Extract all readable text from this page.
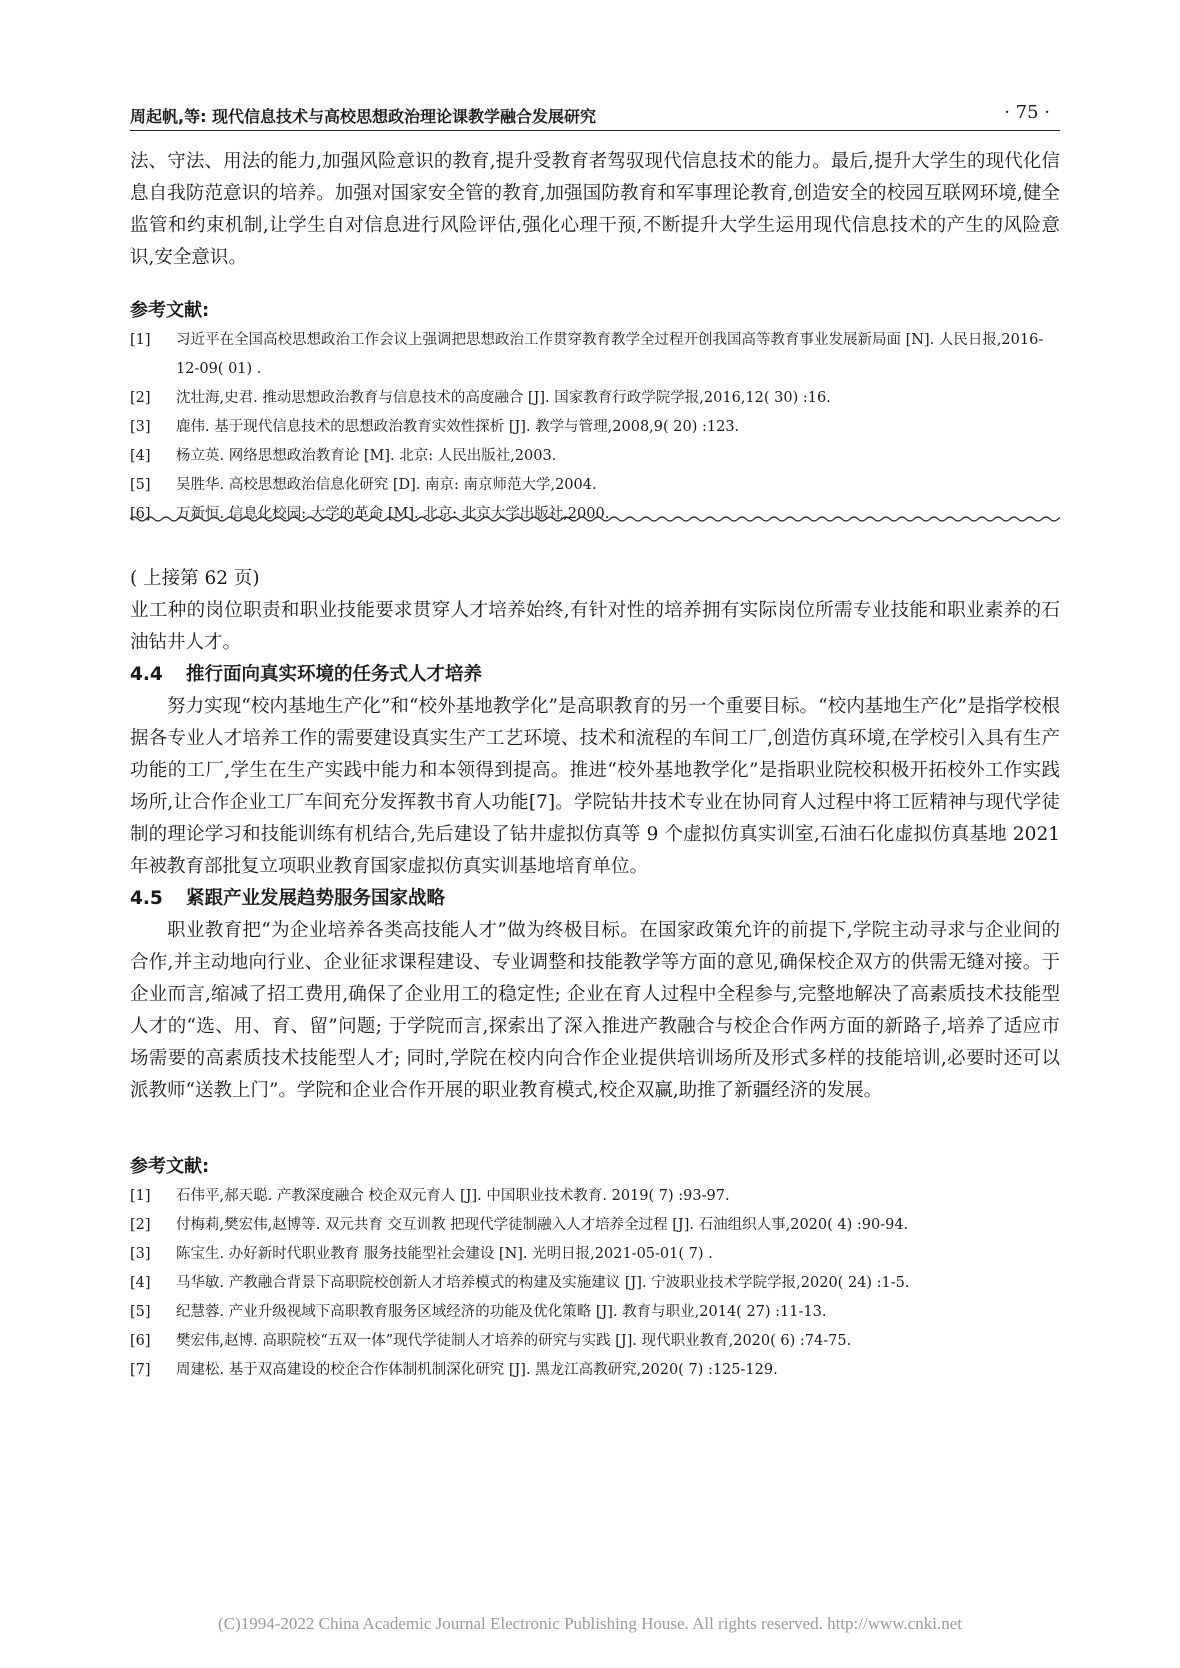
周起帆,等: 现代信息技术与高校思想政治理论课教学融合发展研究	· 75 ·

法、守法、用法的能力,加强风险意识的教育,提升受教育者驾驭现代信息技术的能力。最后,提升大学生的现代化信息自我防范意识的培养。加强对国家安全管的教育,加强国防教育和军事理论教育,创造安全的校园互联网环境,健全监管和约束机制,让学生自对信息进行风险评估,强化心理干预,不断提升大学生运用现代信息技术的产生的风险意识,安全意识。

参考文献:
[1]	习近平在全国高校思想政治工作会议上强调把思想政治工作贯穿教育教学全过程开创我国高等教育事业发展新局面 [N]. 人民日报,2016-12-09( 01) .
[2]	沈壮海,史君. 推动思想政治教育与信息技术的高度融合 [J]. 国家教育行政学院学报,2016,12( 30) :16.
[3]	鹿伟. 基于现代信息技术的思想政治教育实效性探析 [J]. 教学与管理,2008,9( 20) :123.
[4]	杨立英. 网络思想政治教育论 [M]. 北京: 人民出版社,2003.
[5]	吴胜华. 高校思想政治信息化研究 [D]. 南京: 南京师范大学,2004.
[6]	万新恒. 信息化校园: 大学的革命 [M]. 北京: 北京大学出版社,2000.

( 上接第 62 页)

业工种的岗位职责和职业技能要求贯穿人才培养始终,有针对性的培养拥有实际岗位所需专业技能和职业素养的石油钻井人才。

4.4 推行面向真实环境的任务式人才培养

努力实现“校内基地生产化”和“校外基地教学化”是高职教育的另一个重要目标。“校内基地生产化”是指学校根据各专业人才培养工作的需要建设真实生产工艺环境、技术和流程的车间工厂,创造仿真环境,在学校引入具有生产功能的工厂,学生在生产实践中能力和本领得到提高。推进“校外基地教学化”是指职业院校积极开拓校外工作实践场所,让合作企业工厂车间充分发挥教书育人功能[7]。学院钻井技术专业在协同育人过程中将工匠精神与现代学徒制的理论学习和技能训练有机结合,先后建设了钻井虚拟仿真等 9 个虚拟仿真实训室,石油石化虚拟仿真基地 2021 年被教育部批复立项职业教育国家虚拟仿真实训基地培育单位。

4.5 紧跟产业发展趋势服务国家战略

职业教育把“为企业培养各类高技能人才”做为终极目标。在国家政策允许的前提下,学院主动寻求与企业间的合作,并主动地向行业、企业征求课程建设、专业调整和技能教学等方面的意见,确保校企双方的供需无缝对接。于企业而言,缩减了招工费用,确保了企业用工的稳定性; 企业在育人过程中全程参与,完整地解决了高素质技术技能型人才的“选、用、育、留”问题; 于学院而言,探索出了深入推进产教融合与校企合作两方面的新路子,培养了适应市场需要的高素质技术技能型人才; 同时,学院在校内向合作企业提供培训场所及形式多样的技能培训,必要时还可以派教师“送教上门”。学院和企业合作开展的职业教育模式,校企双赢,助推了新疆经济的发展。

参考文献:
[1]	石伟平,郝天聪. 产教深度融合 校企双元育人 [J]. 中国职业技术教育. 2019( 7) :93-97.
[2]	付梅莉,樊宏伟,赵博等. 双元共育 交互训教 把现代学徒制融入人才培养全过程 [J]. 石油组织人事,2020( 4) :90-94.
[3]	陈宝生. 办好新时代职业教育 服务技能型社会建设 [N]. 光明日报,2021-05-01( 7) .
[4]	马华敏. 产教融合背景下高职院校创新人才培养模式的构建及实施建议 [J]. 宁波职业技术学院学报,2020( 24) :1-5.
[5]	纪慧蓉. 产业升级视域下高职教育服务区域经济的功能及优化策略 [J]. 教育与职业,2014( 27) :11-13.
[6]	樊宏伟,赵博. 高职院校“五双一体”现代学徒制人才培养的研究与实践 [J]. 现代职业教育,2020( 6) :74-75.
[7]	周建松. 基于双高建设的校企合作体制机制深化研究 [J]. 黑龙江高教研究,2020( 7) :125-129.
(C)1994-2022 China Academic Journal Electronic Publishing House. All rights reserved. http://www.cnki.net
